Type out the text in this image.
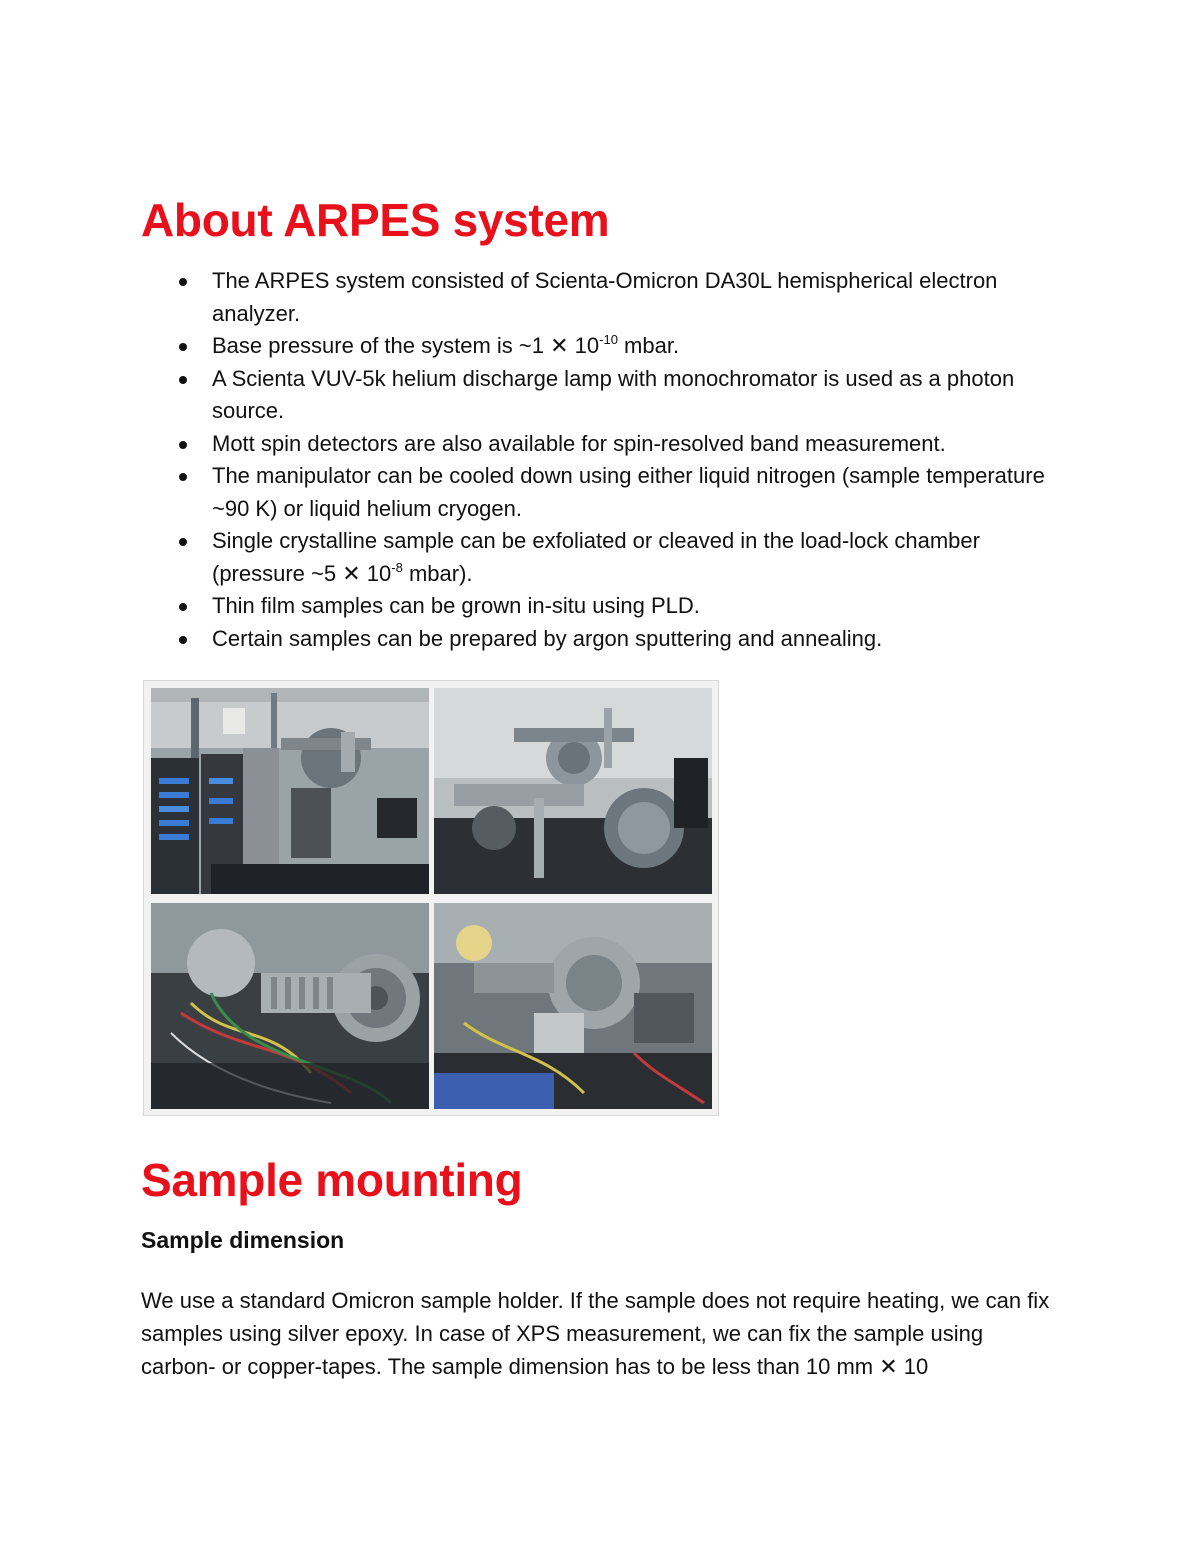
About ARPES system
The ARPES system consisted of Scienta-Omicron DA30L hemispherical electron analyzer.
Base pressure of the system is ~1 ✕ $10^{-10}$ mbar.
A Scienta VUV-5k helium discharge lamp with monochromator is used as a photon source.
Mott spin detectors are also available for spin-resolved band measurement.
The manipulator can be cooled down using either liquid nitrogen (sample temperature ~90 K) or liquid helium cryogen.
Single crystalline sample can be exfoliated or cleaved in the load-lock chamber (pressure ~5 ✕ $10^{-8}$ mbar).
Thin film samples can be grown in-situ using PLD.
Certain samples can be prepared by argon sputtering and annealing.
Sample mounting
Sample dimension

We use a standard Omicron sample holder. If the sample does not require heating, we can fix samples using silver epoxy. In case of XPS measurement, we can fix the sample using carbon- or copper-tapes. The sample dimension has to be less than 10 mm ✕ 10
